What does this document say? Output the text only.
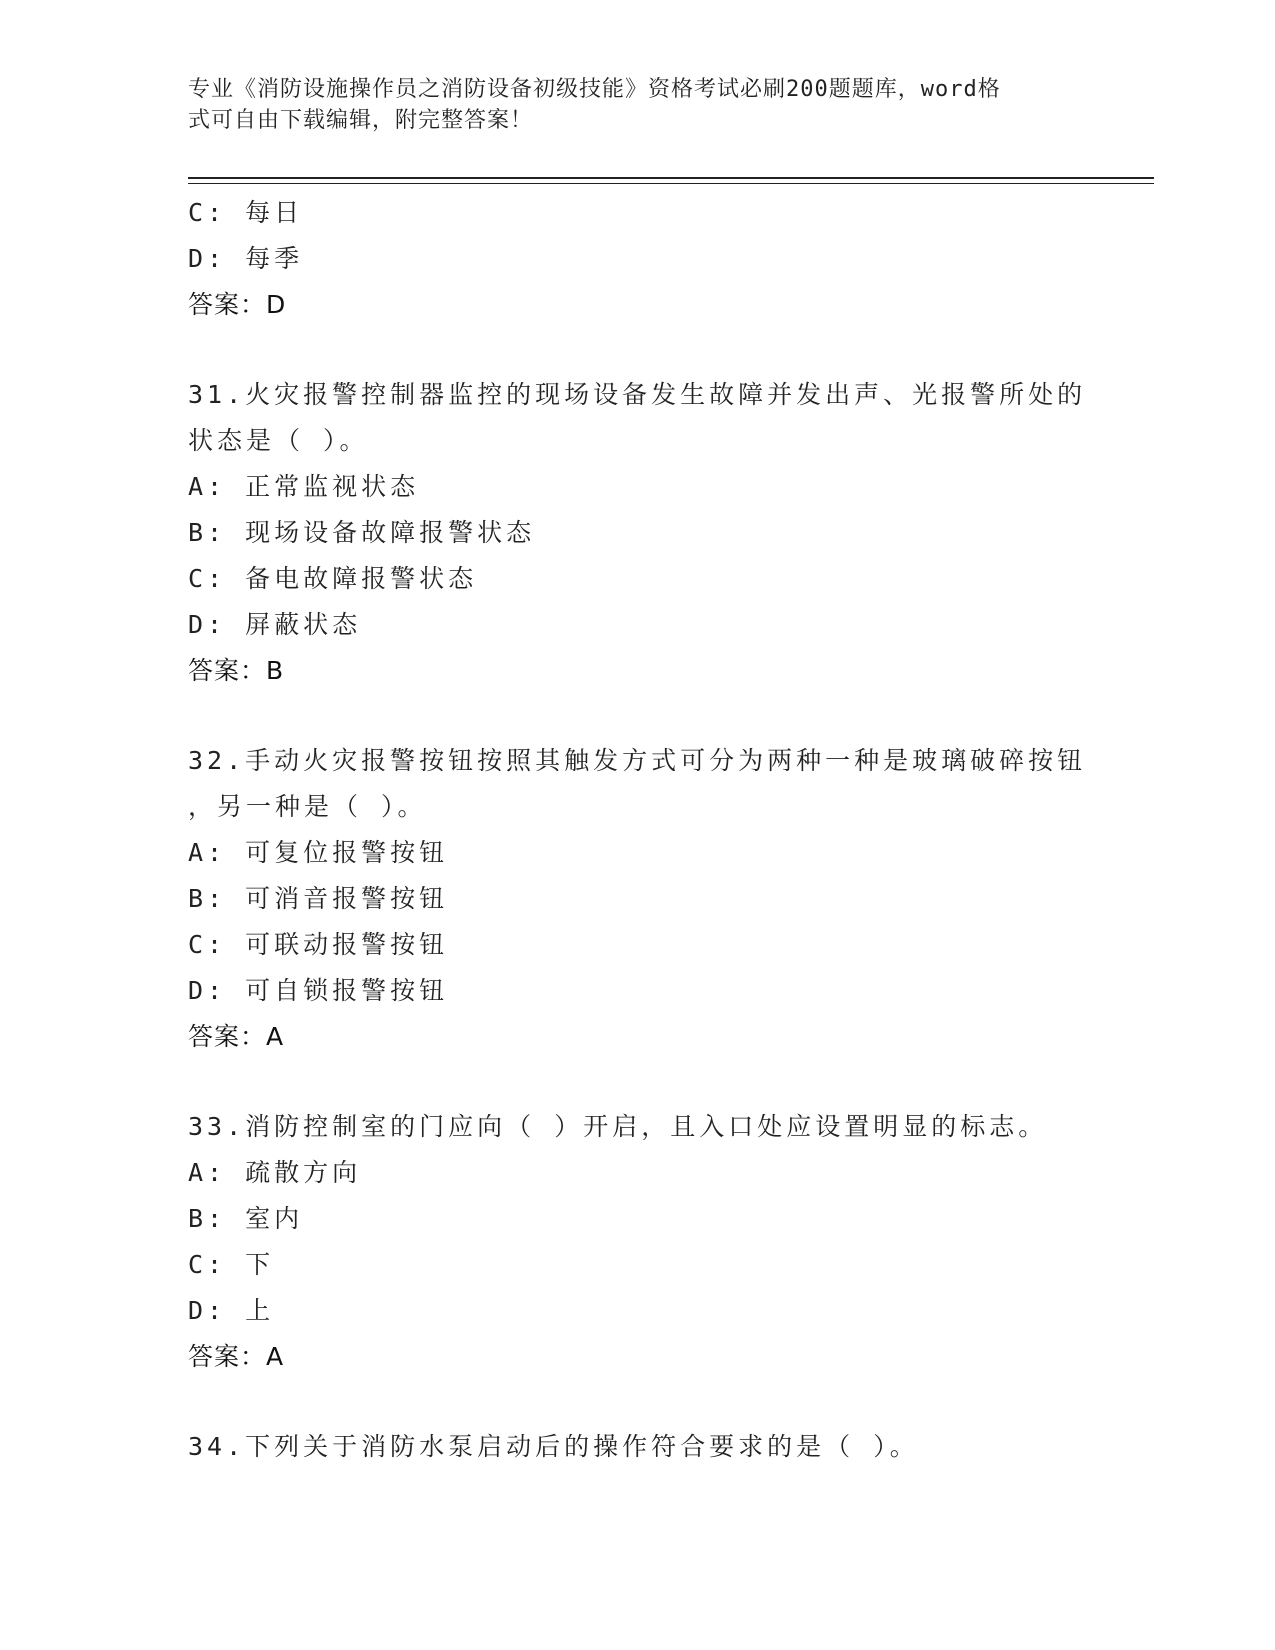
专业《消防设施操作员之消防设备初级技能》资格考试必刷200题题库，word格
式可自由下载编辑，附完整答案！
C: 每日
D: 每季
答案：D
31.火灾报警控制器监控的现场设备发生故障并发出声、光报警所处的
状态是（ ）。
A: 正常监视状态
B: 现场设备故障报警状态
C: 备电故障报警状态
D: 屏蔽状态
答案：B
32.手动火灾报警按钮按照其触发方式可分为两种一种是玻璃破碎按钮
，另一种是（ ）。
A: 可复位报警按钮
B: 可消音报警按钮
C: 可联动报警按钮
D: 可自锁报警按钮
答案：A
33.消防控制室的门应向（ ）开启，且入口处应设置明显的标志。
A: 疏散方向
B: 室内
C: 下
D: 上
答案：A
34.下列关于消防水泵启动后的操作符合要求的是（ ）。
